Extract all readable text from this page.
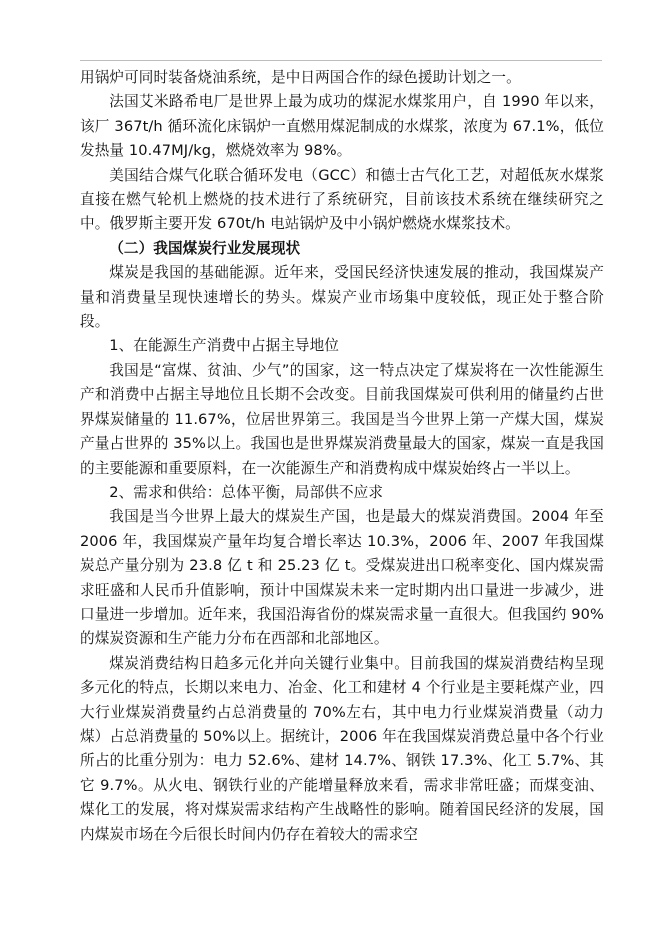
用锅炉可同时装备烧油系统，是中日两国合作的绿色援助计划之一。

法国艾米路希电厂是世界上最为成功的煤泥水煤浆用户，自 1990 年以来，该厂 367t/h 循环流化床锅炉一直燃用煤泥制成的水煤浆，浓度为 67.1%，低位发热量 10.47MJ/kg，燃烧效率为 98%。

美国结合煤气化联合循环发电（GCC）和德士古气化工艺，对超低灰水煤浆直接在燃气轮机上燃烧的技术进行了系统研究，目前该技术系统在继续研究之中。俄罗斯主要开发 670t/h 电站锅炉及中小锅炉燃烧水煤浆技术。

（二）我国煤炭行业发展现状

煤炭是我国的基础能源。近年来，受国民经济快速发展的推动，我国煤炭产量和消费量呈现快速增长的势头。煤炭产业市场集中度较低，现正处于整合阶段。

1、在能源生产消费中占据主导地位

我国是“富煤、贫油、少气”的国家，这一特点决定了煤炭将在一次性能源生产和消费中占据主导地位且长期不会改变。目前我国煤炭可供利用的储量约占世界煤炭储量的 11.67%，位居世界第三。我国是当今世界上第一产煤大国，煤炭产量占世界的 35%以上。我国也是世界煤炭消费量最大的国家，煤炭一直是我国的主要能源和重要原料，在一次能源生产和消费构成中煤炭始终占一半以上。

2、需求和供给：总体平衡，局部供不应求

我国是当今世界上最大的煤炭生产国，也是最大的煤炭消费国。2004 年至 2006 年，我国煤炭产量年均复合增长率达 10.3%，2006 年、2007 年我国煤炭总产量分别为 23.8 亿 t 和 25.23 亿 t。受煤炭进出口税率变化、国内煤炭需求旺盛和人民币升值影响，预计中国煤炭未来一定时期内出口量进一步减少，进口量进一步增加。近年来，我国沿海省份的煤炭需求量一直很大。但我国约 90%的煤炭资源和生产能力分布在西部和北部地区。

煤炭消费结构日趋多元化并向关键行业集中。目前我国的煤炭消费结构呈现多元化的特点，长期以来电力、冶金、化工和建材 4 个行业是主要耗煤产业，四大行业煤炭消费量约占总消费量的 70%左右，其中电力行业煤炭消费量（动力煤）占总消费量的 50%以上。据统计，2006 年在我国煤炭消费总量中各个行业所占的比重分别为：电力 52.6%、建材 14.7%、钢铁 17.3%、化工 5.7%、其它 9.7%。从火电、钢铁行业的产能增量释放来看，需求非常旺盛；而煤变油、煤化工的发展，将对煤炭需求结构产生战略性的影响。随着国民经济的发展，国内煤炭市场在今后很长时间内仍存在着较大的需求空
